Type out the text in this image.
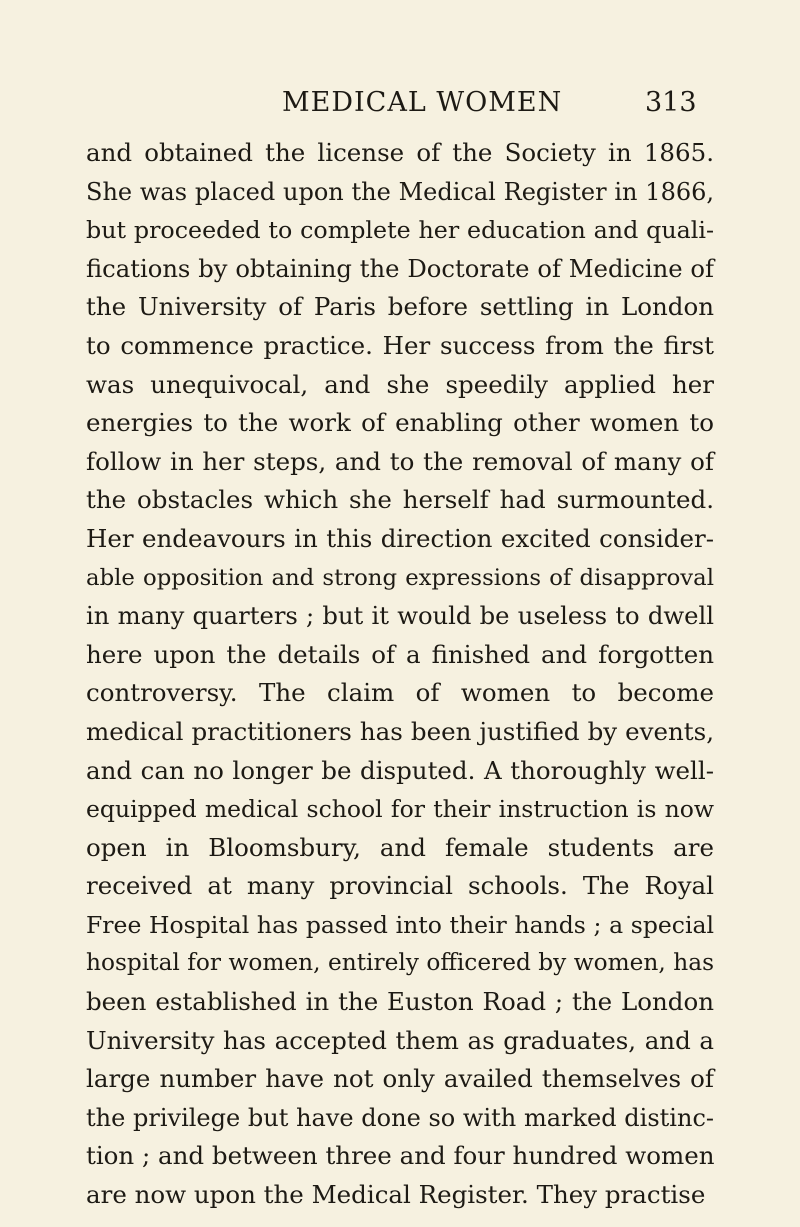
MEDICAL WOMEN	313
and obtained the license of the Society in 1865.
She was placed upon the Medical Register in 1866,
but proceeded to complete her education and quali-
fications by obtaining the Doctorate of Medicine of
the University of Paris before settling in London
to commence practice. Her success from the first
was unequivocal, and she speedily applied her
energies to the work of enabling other women to
follow in her steps, and to the removal of many of
the obstacles which she herself had surmounted.
Her endeavours in this direction excited consider-
able opposition and strong expressions of disapproval
in many quarters ; but it would be useless to dwell
here upon the details of a finished and forgotten
controversy. The claim of women to become
medical practitioners has been justified by events,
and can no longer be disputed. A thoroughly well-
equipped medical school for their instruction is now
open in Bloomsbury, and female students are
received at many provincial schools. The Royal
Free Hospital has passed into their hands ; a special
hospital for women, entirely officered by women, has
been established in the Euston Road ; the London
University has accepted them as graduates, and a
large number have not only availed themselves of
the privilege but have done so with marked distinc-
tion ; and between three and four hundred women
are now upon the Medical Register. They practise
